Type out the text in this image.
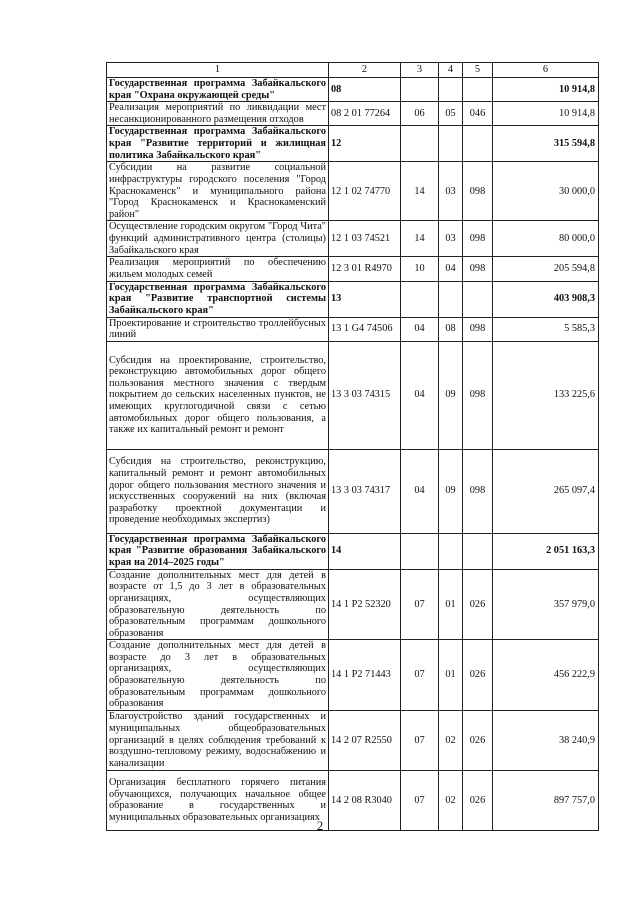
1	2	3	4	5	6
Государственная программа Забайкальского края "Охрана окружающей среды"	08				10 914,8
Реализация мероприятий по ликвидации мест несанкционированного размещения отходов	08 2 01 77264	06	05	046	10 914,8
Государственная программа Забайкальского края "Развитие территорий и жилищная политика Забайкальского края"	12				315 594,8
Субсидии на развитие социальной инфраструктуры городского поселения "Город Краснокаменск" и муниципального района "Город Краснокаменск и Краснокаменский район"	12 1 02 74770	14	03	098	30 000,0
Осуществление городским округом "Город Чита" функций административного центра (столицы) Забайкальского края	12 1 03 74521	14	03	098	80 000,0
Реализация мероприятий по обеспечению жильем молодых семей	12 3 01 R4970	10	04	098	205 594,8
Государственная программа Забайкальского края "Развитие транспортной системы Забайкальского края"	13				403 908,3
Проектирование и строительство троллейбусных линий	13 1 G4 74506	04	08	098	5 585,3
Субсидия на проектирование, строительство, реконструкцию автомобильных дорог общего пользования местного значения с твердым покрытием до сельских населенных пунктов, не имеющих круглогодичной связи с сетью автомобильных дорог общего пользования, а также их капитальный ремонт и ремонт	13 3 03 74315	04	09	098	133 225,6
Субсидия на строительство, реконструкцию, капитальный ремонт и ремонт автомобильных дорог общего пользования местного значения и искусственных сооружений на них (включая разработку проектной документации и проведение необходимых экспертиз)	13 3 03 74317	04	09	098	265 097,4
Государственная программа Забайкальского края "Развитие образования Забайкальского края на 2014–2025 годы"	14				2 051 163,3
Создание дополнительных мест для детей в возрасте от 1,5 до 3 лет в образовательных организациях, осуществляющих образовательную деятельность по образовательным программам дошкольного образования	14 1 P2 52320	07	01	026	357 979,0
Создание дополнительных мест для детей в возрасте до 3 лет в образовательных организациях, осуществляющих образовательную деятельность по образовательным программам дошкольного образования	14 1 P2 71443	07	01	026	456 222,9
Благоустройство зданий государственных и муниципальных общеобразовательных организаций в целях соблюдения требований к воздушно-тепловому режиму, водоснабжению и канализации	14 2 07 R2550	07	02	026	38 240,9
Организация бесплатного горячего питания обучающихся, получающих начальное общее образование в государственных и муниципальных образовательных организациях	14 2 08 R3040	07	02	026	897 757,0
2
